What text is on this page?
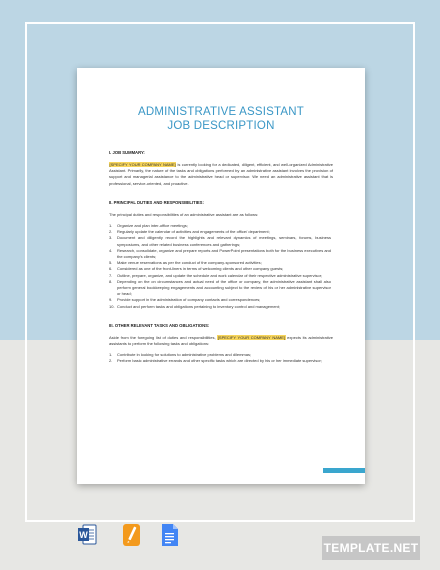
ADMINISTRATIVE ASSISTANT
JOB DESCRIPTION
I. JOB SUMMARY:

[SPECIFY YOUR COMPANY NAME] is currently looking for a dedicated, diligent, efficient, and well-organized Administrative Assistant. Primarily, the nature of the tasks and obligations performed by an administrative assistant involves the provision of support and managerial assistance to the administrative head or supervisor. We need an administrative assistant that is professional, service-oriented, and proactive.

II. PRINCIPAL DUTIES AND RESPONSIBILITIES:

The principal duties and responsibilities of an administrative assistant are as follows:

1.	Organize and plan inter-office meetings;
2.	Regularly update the calendar of activities and engagements of the office/ department;
3.	Document and diligently record the highlights and relevant dynamics of meetings, seminars, forums, business symposiums, and other related business conferences and gatherings;
4.	Research, consolidate, organize and prepare reports and PowerPoint presentations both for the business executives and the company's clients;
5.	Make venue reservations as per the conduct of the company-sponsored activities;
6.	Considered as one of the front-liners in terms of welcoming clients and other company guests;
7.	Outline, prepare, organize, and update the schedule and work calendar of their respective administrative supervisor;
8.	Depending on the on circumstances and actual need of the office or company, the administrative assistant shall also perform general bookkeeping engagements and accounting subject to the review of his or her administrative supervisor or head;
9.	Provide support in the administration of company contacts and correspondences;
10. Conduct and perform tasks and obligations pertaining to inventory control and management;
III. OTHER RELEVANT TASKS AND OBLIGATIONS:

Aside from the foregoing list of duties and responsibilities, [SPECIFY YOUR COMPANY NAME] expects its administrative assistants to perform the following tasks and obligations:

1.	Contribute in looking for solutions to administrative problems and dilemmas;
2.	Perform basic administrative errands and other specific tasks which are directed by his or her immediate supervisor;
W
TEMPLATE.NET
